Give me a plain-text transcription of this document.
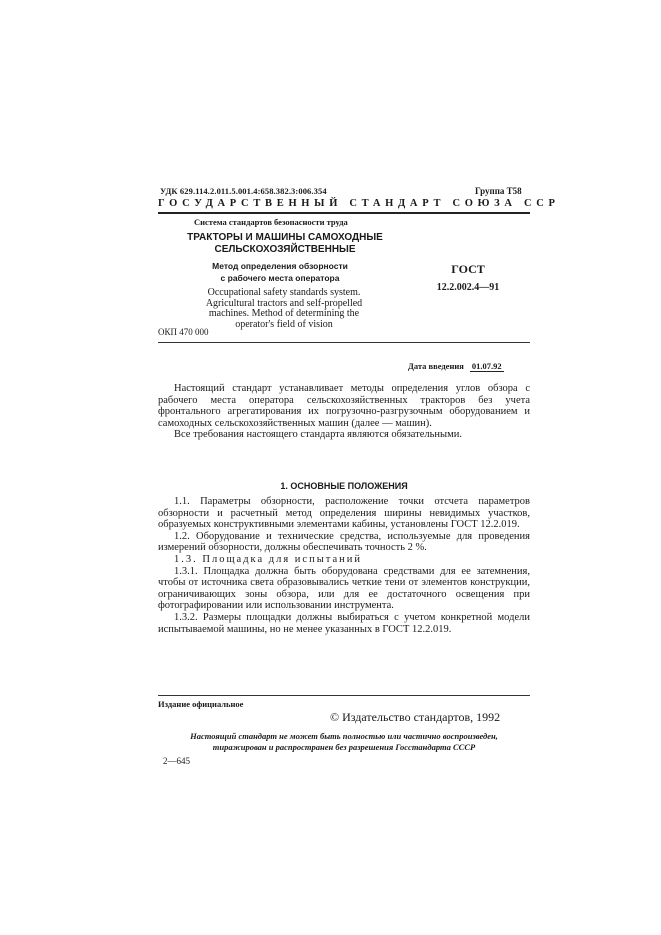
УДК 629.114.2.011.5.001.4:658.382.3:006.354	Группа Т58
ГОСУДАРСТВЕННЫЙ СТАНДАРТ СОЮЗА ССР
Система стандартов безопасности труда
ТРАКТОРЫ И МАШИНЫ САМОХОДНЫЕ
СЕЛЬСКОХОЗЯЙСТВЕННЫЕ
Метод определения обзорности
с рабочего места оператора
Occupational safety standards system.
Agricultural tractors and self-propelled
machines. Method of determining the
operator's field of vision
ГОСТ
12.2.002.4—91
ОКП 470 000
Дата введения 01.07.92

Настоящий стандарт устанавливает методы определения углов обзора с рабочего места оператора сельскохозяйственных тракторов без учета фронтального агрегатирования их погрузочно-разгрузочным оборудованием и самоходных сельскохозяйственных машин (далее — машин).

Все требования настоящего стандарта являются обязательными.

1. ОСНОВНЫЕ ПОЛОЖЕНИЯ

1.1. Параметры обзорности, расположение точки отсчета параметров обзорности и расчетный метод определения ширины невидимых участков, образуемых конструктивными элементами кабины, установлены ГОСТ 12.2.019.

1.2. Оборудование и технические средства, используемые для проведения измерений обзорности, должны обеспечивать точность 2 %.

1.3. Площадка для испытаний

1.3.1. Площадка должна быть оборудована средствами для ее затемнения, чтобы от источника света образовывались четкие тени от элементов конструкции, ограничивающих зоны обзора, или для ее достаточного освещения при фотографировании или использовании инструмента.

1.3.2. Размеры площадки должны выбираться с учетом конкретной модели испытываемой машины, но не менее указанных в ГОСТ 12.2.019.

Издание официальное
© Издательство стандартов, 1992
Настоящий стандарт не может быть полностью или частично воспроизведен,
тиражирован и распространен без разрешения Госстандарта СССР
2—645
